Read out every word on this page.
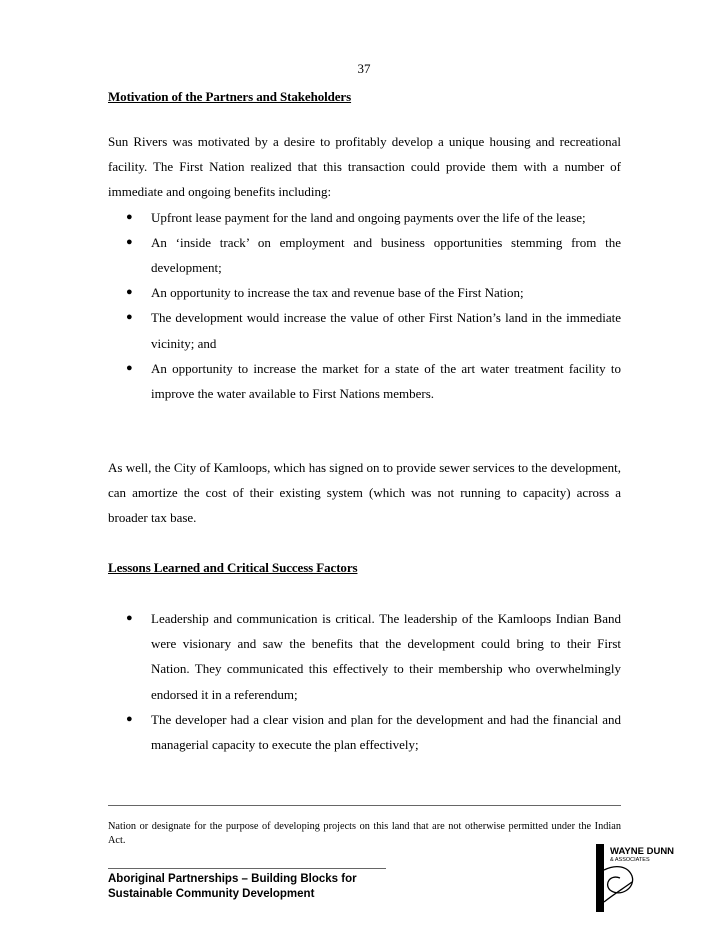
37

Motivation of the Partners and Stakeholders

Sun Rivers was motivated by a desire to profitably develop a unique housing and recreational facility. The First Nation realized that this transaction could provide them with a number of immediate and ongoing benefits including:

● Upfront lease payment for the land and ongoing payments over the life of the lease;
● An ‘inside track’ on employment and business opportunities stemming from the development;
● An opportunity to increase the tax and revenue base of the First Nation;
● The development would increase the value of other First Nation’s land in the immediate vicinity; and
● An opportunity to increase the market for a state of the art water treatment facility to improve the water available to First Nations members.

As well, the City of Kamloops, which has signed on to provide sewer services to the development, can amortize the cost of their existing system (which was not running to capacity) across a broader tax base.

Lessons Learned and Critical Success Factors

● Leadership and communication is critical. The leadership of the Kamloops Indian Band were visionary and saw the benefits that the development could bring to their First Nation. They communicated this effectively to their membership who overwhelmingly endorsed it in a referendum;
● The developer had a clear vision and plan for the development and had the financial and managerial capacity to execute the plan effectively;
Nation or designate for the purpose of developing projects on this land that are not otherwise permitted under the Indian Act.
Aboriginal Partnerships – Building Blocks for
Sustainable Community Development
WAYNE DUNN
& ASSOCIATES
